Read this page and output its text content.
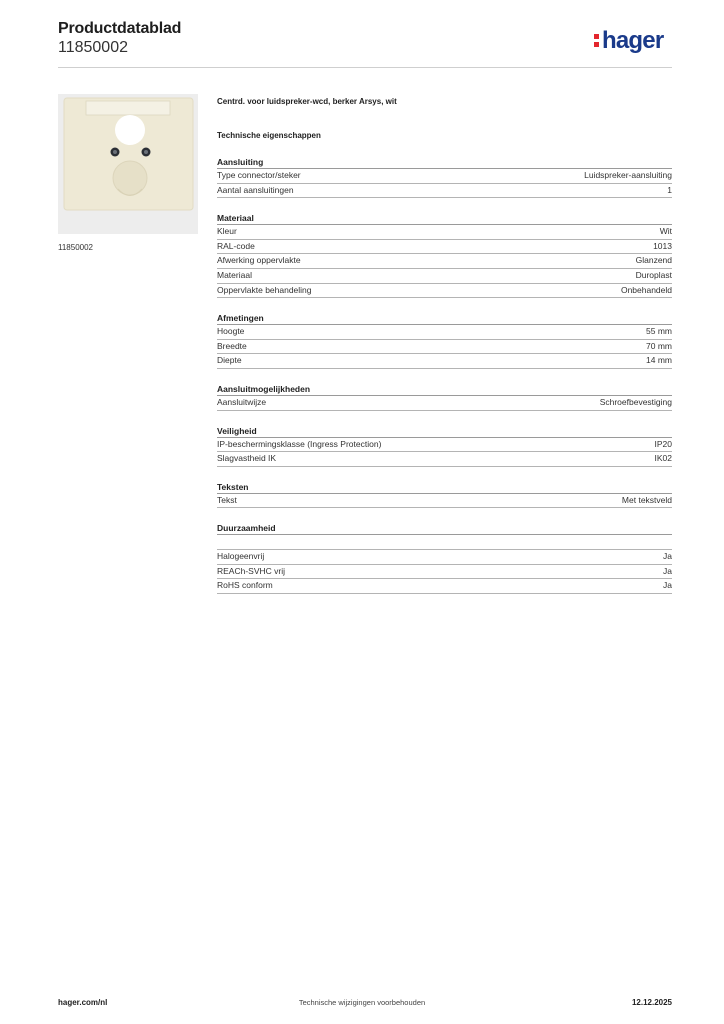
Productdatablad
11850002	hager
11850002
Centrd. voor luidspreker-wcd, berker Arsys, wit
Technische eigenschappen
Aansluiting
Type connector/steker	Luidspreker-aansluiting
Aantal aansluitingen	1
Materiaal
Kleur	Wit
RAL-code	1013
Afwerking oppervlakte	Glanzend
Materiaal	Duroplast
Oppervlakte behandeling	Onbehandeld
Afmetingen
Hoogte	55 mm
Breedte	70 mm
Diepte	14 mm
Aansluitmogelijkheden
Aansluitwijze	Schroefbevestiging
Veiligheid
IP-beschermingsklasse (Ingress Protection)	IP20
Slagvastheid IK	IK02
Teksten
Tekst	Met tekstveld
Duurzaamheid
Halogeenvrij	Ja
REACh-SVHC vrij	Ja
RoHS conform	Ja
hager.com/nl	Technische wijzigingen voorbehouden	12.12.2025
